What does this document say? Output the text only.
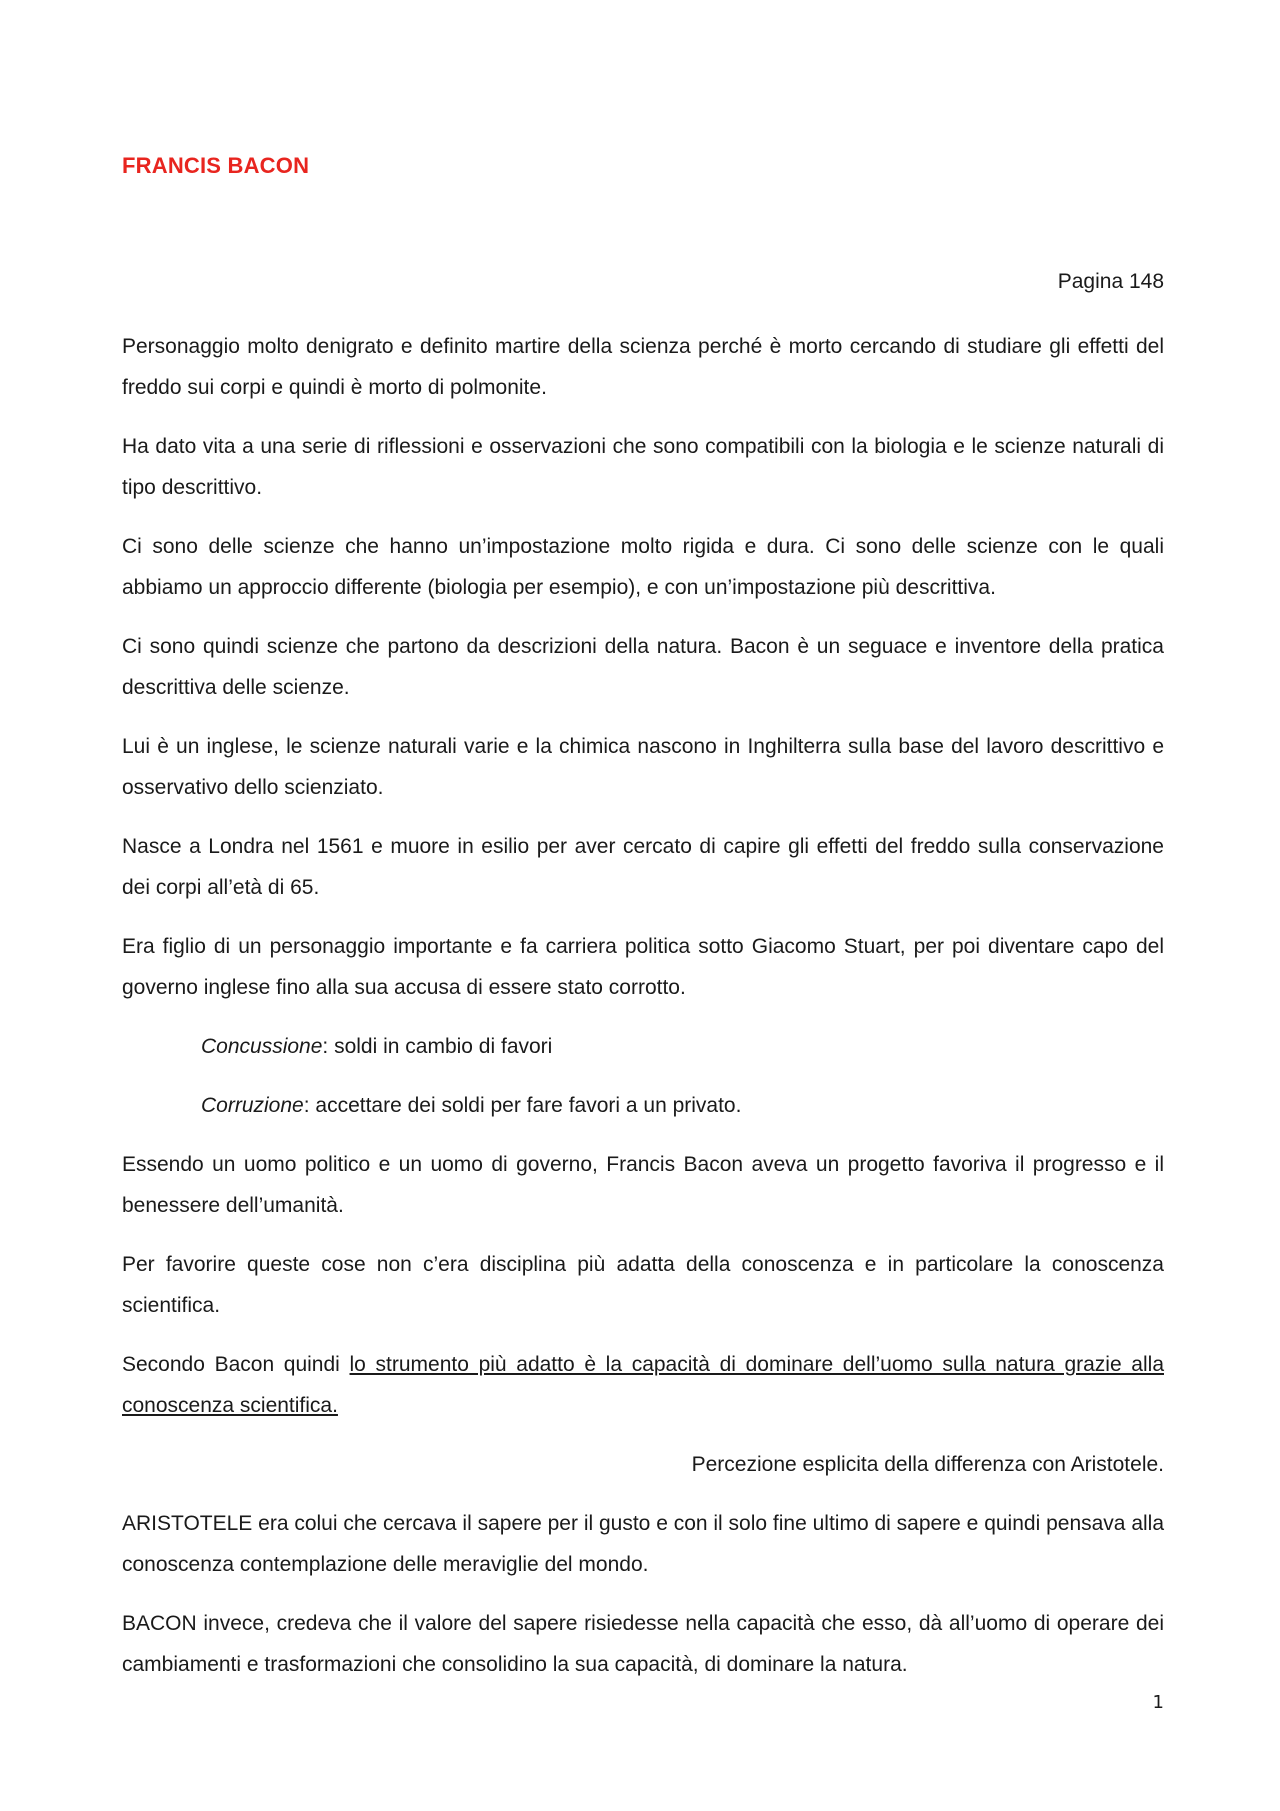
FRANCIS BACON
Pagina 148

Personaggio molto denigrato e definito martire della scienza perché è morto cercando di studiare gli effetti del freddo sui corpi e quindi è morto di polmonite.

Ha dato vita a una serie di riflessioni e osservazioni che sono compatibili con la biologia e le scienze naturali di tipo descrittivo.

Ci sono delle scienze che hanno un’impostazione molto rigida e dura. Ci sono delle scienze con le quali abbiamo un approccio differente (biologia per esempio), e con un’impostazione più descrittiva.

Ci sono quindi scienze che partono da descrizioni della natura. Bacon è un seguace e inventore della pratica descrittiva delle scienze.

Lui è un inglese, le scienze naturali varie e la chimica nascono in Inghilterra sulla base del lavoro descrittivo e osservativo dello scienziato.

Nasce a Londra nel 1561 e muore in esilio per aver cercato di capire gli effetti del freddo sulla conservazione dei corpi all’età di 65.

Era figlio di un personaggio importante e fa carriera politica sotto Giacomo Stuart, per poi diventare capo del governo inglese fino alla sua accusa di essere stato corrotto.

Concussione: soldi in cambio di favori

Corruzione: accettare dei soldi per fare favori a un privato.

Essendo un uomo politico e un uomo di governo, Francis Bacon aveva un progetto favoriva il progresso e il benessere dell’umanità.

Per favorire queste cose non c’era disciplina più adatta della conoscenza e in particolare la conoscenza scientifica.

Secondo Bacon quindi lo strumento più adatto è la capacità di dominare dell’uomo sulla natura grazie alla conoscenza scientifica.

Percezione esplicita della differenza con Aristotele.

ARISTOTELE era colui che cercava il sapere per il gusto e con il solo fine ultimo di sapere e quindi pensava alla conoscenza contemplazione delle meraviglie del mondo.

BACON invece, credeva che il valore del sapere risiedesse nella capacità che esso, dà all’uomo di operare dei cambiamenti e trasformazioni che consolidino la sua capacità, di dominare la natura.

1
